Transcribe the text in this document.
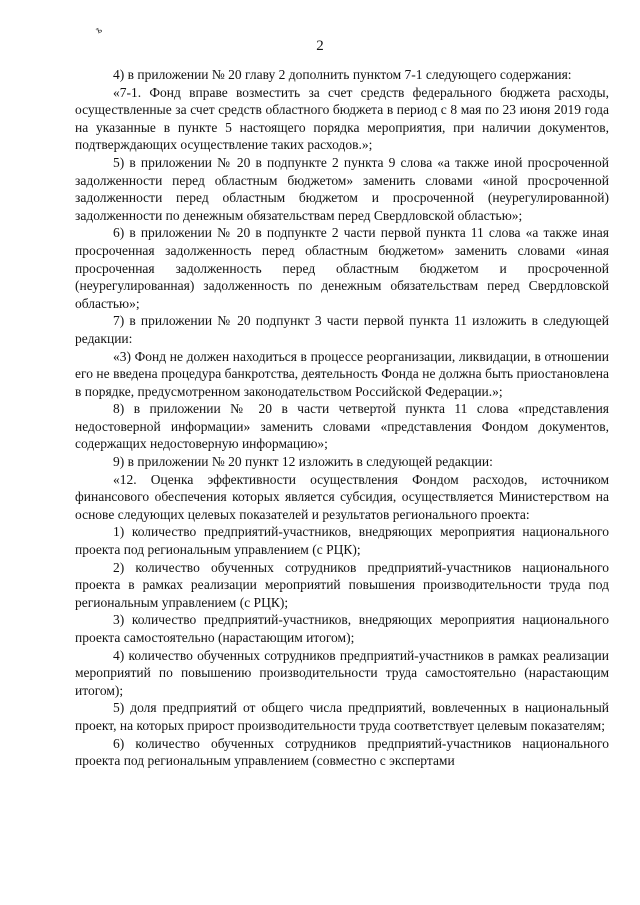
ъ
2

4) в приложении № 20 главу 2 дополнить пунктом 7-1 следующего содержания:

«7-1. Фонд вправе возместить за счет средств федерального бюджета расходы, осуществленные за счет средств областного бюджета в период с 8 мая по 23 июня 2019 года на указанные в пункте 5 настоящего порядка мероприятия, при наличии документов, подтверждающих осуществление таких расходов.»;

5) в приложении № 20 в подпункте 2 пункта 9 слова «а также иной просроченной задолженности перед областным бюджетом» заменить словами «иной просроченной задолженности перед областным бюджетом и просроченной (неурегулированной) задолженности по денежным обязательствам перед Свердловской областью»;

6) в приложении № 20 в подпункте 2 части первой пункта 11 слова «а также иная просроченная задолженность перед областным бюджетом» заменить словами «иная просроченная задолженность перед областным бюджетом и просроченной (неурегулированная) задолженность по денежным обязательствам перед Свердловской областью»;

7) в приложении № 20 подпункт 3 части первой пункта 11 изложить в следующей редакции:

«3) Фонд не должен находиться в процессе реорганизации, ликвидации, в отношении его не введена процедура банкротства, деятельность Фонда не должна быть приостановлена в порядке, предусмотренном законодательством Российской Федерации.»;

8) в приложении № 20 в части четвертой пункта 11 слова «представления недостоверной информации» заменить словами «представления Фондом документов, содержащих недостоверную информацию»;

9) в приложении № 20 пункт 12 изложить в следующей редакции:

«12. Оценка эффективности осуществления Фондом расходов, источником финансового обеспечения которых является субсидия, осуществляется Министерством на основе следующих целевых показателей и результатов регионального проекта:

1) количество предприятий-участников, внедряющих мероприятия национального проекта под региональным управлением (с РЦК);

2) количество обученных сотрудников предприятий-участников национального проекта в рамках реализации мероприятий повышения производительности труда под региональным управлением (с РЦК);

3) количество предприятий-участников, внедряющих мероприятия национального проекта самостоятельно (нарастающим итогом);

4) количество обученных сотрудников предприятий-участников в рамках реализации мероприятий по повышению производительности труда самостоятельно (нарастающим итогом);

5) доля предприятий от общего числа предприятий, вовлеченных в национальный проект, на которых прирост производительности труда соответствует целевым показателям;

6) количество обученных сотрудников предприятий-участников национального проекта под региональным управлением (совместно с экспертами
